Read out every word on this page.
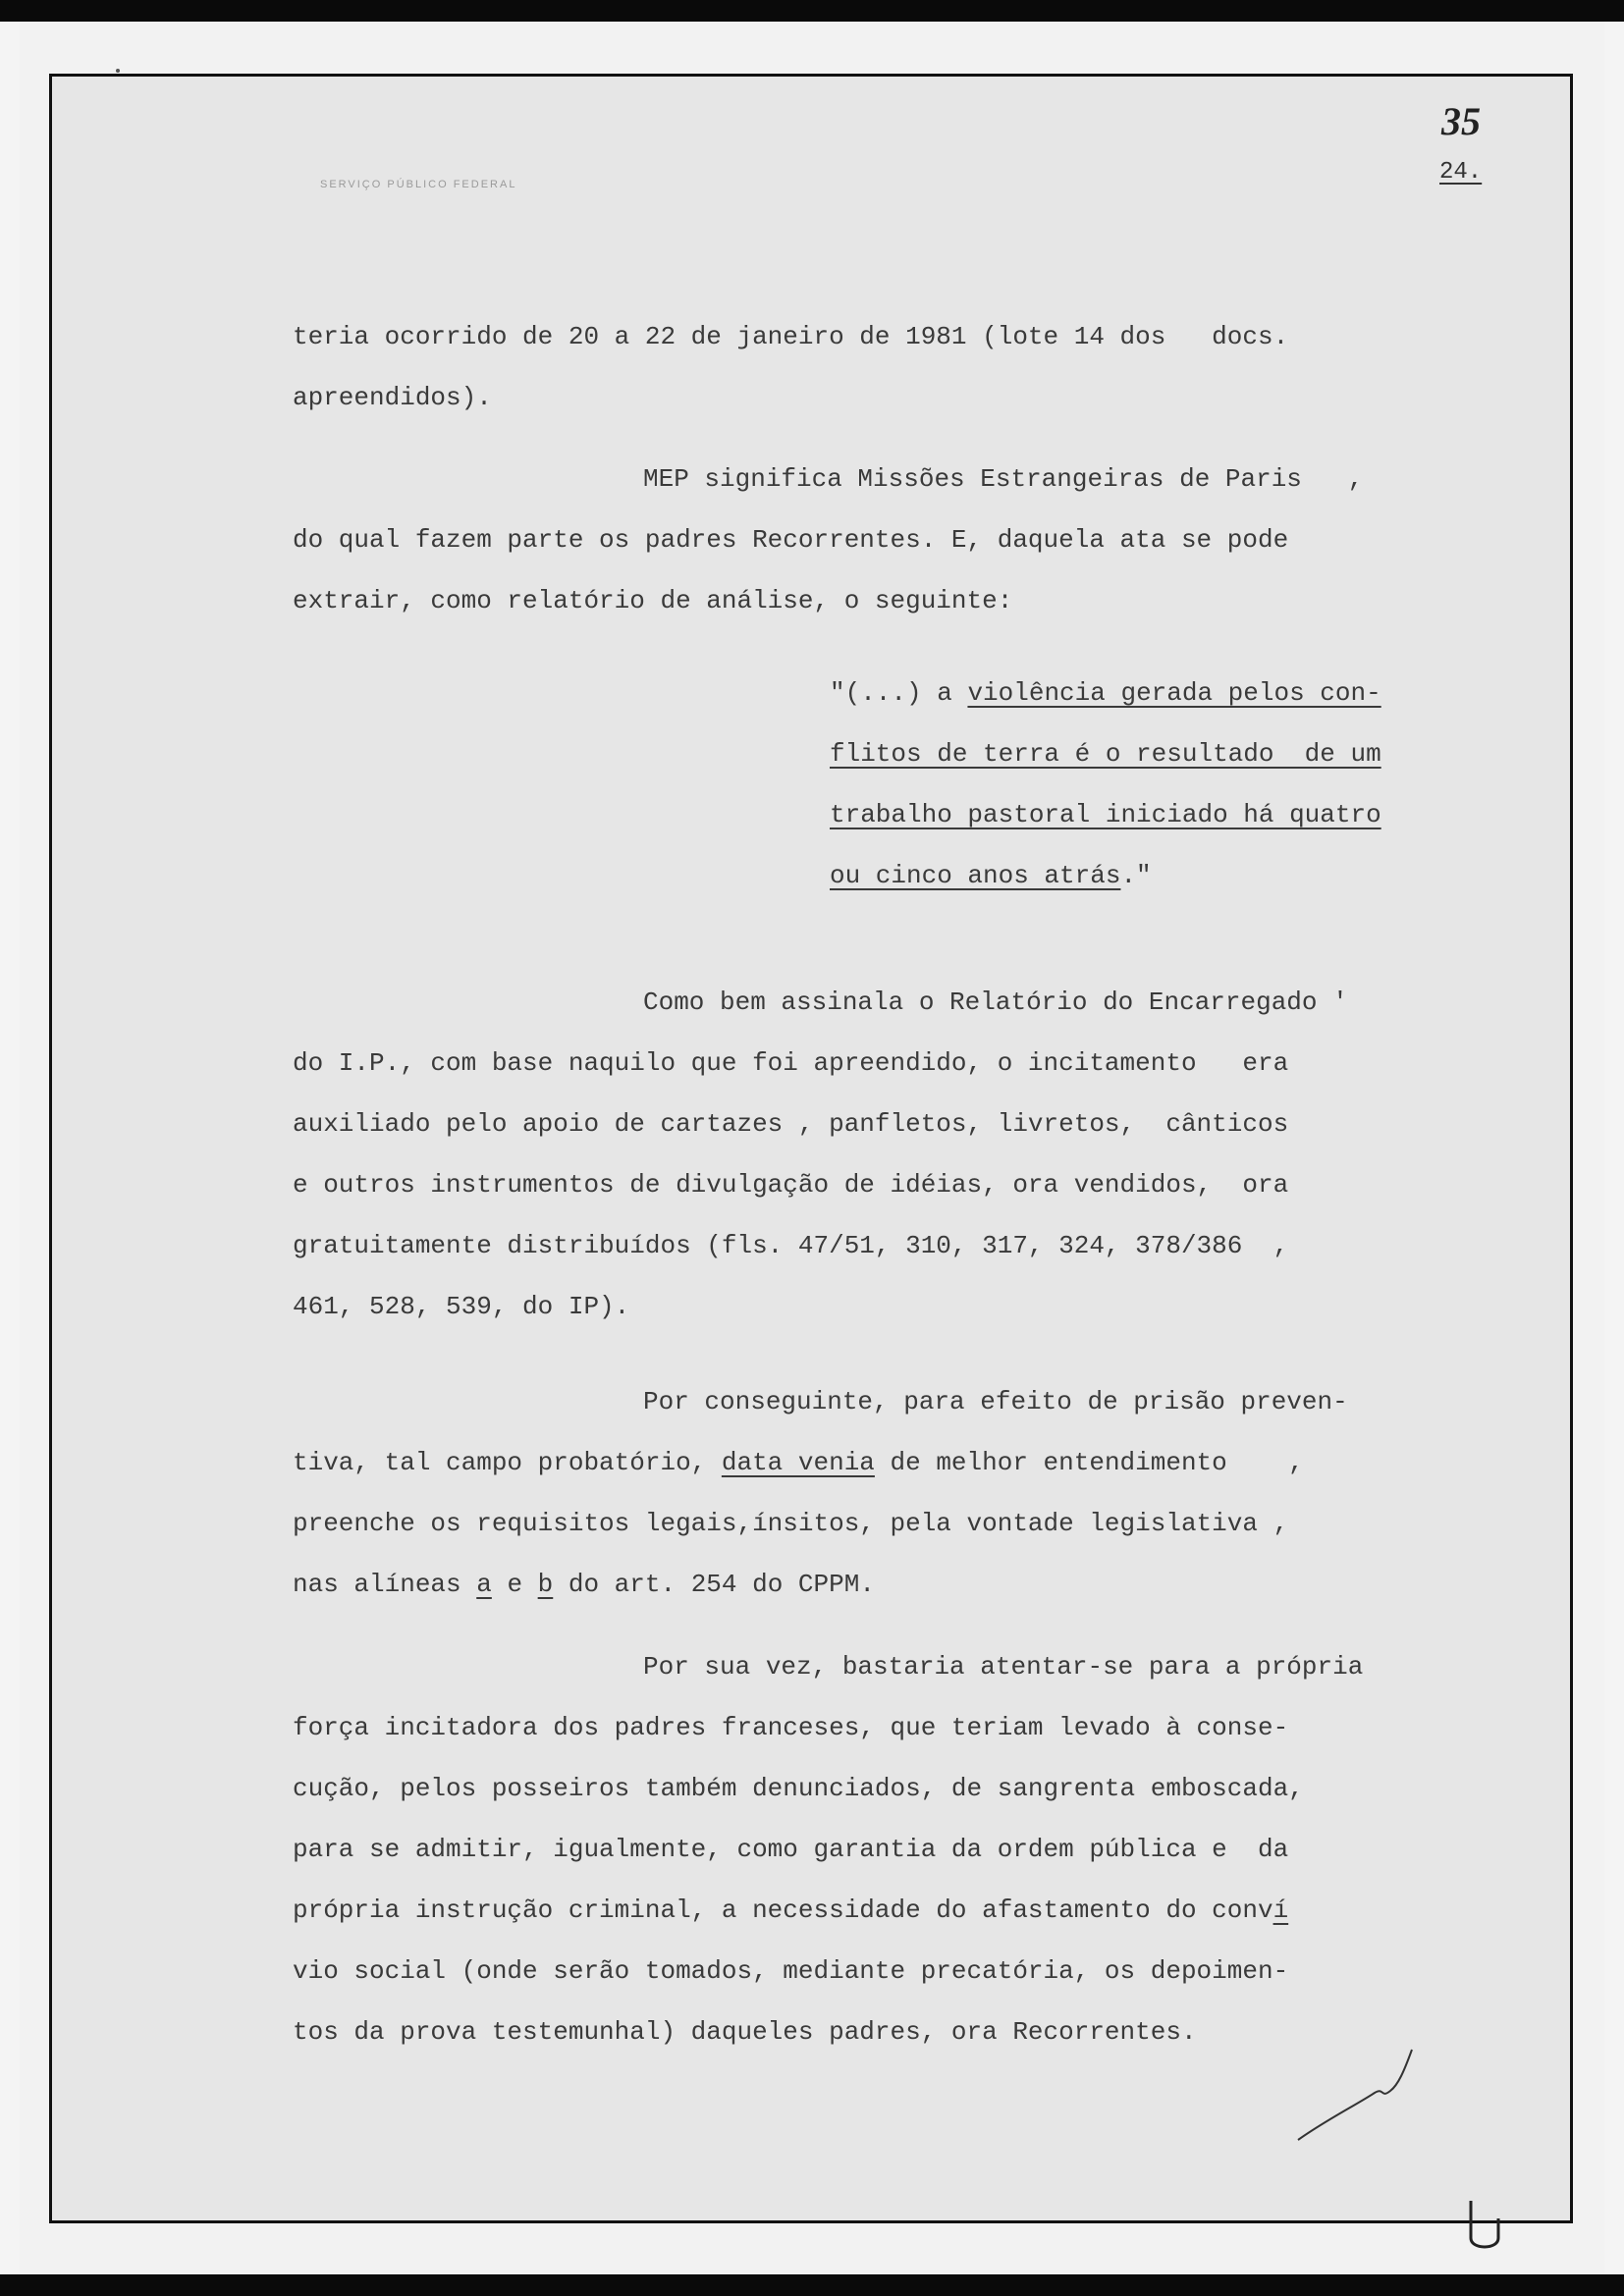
SERVIÇO PÚBLICO FEDERAL
35
24.
teria ocorrido de 20 a 22 de janeiro de 1981 (lote 14 dos   docs.
apreendidos).
MEP significa Missões Estrangeiras de Paris   ,
do qual fazem parte os padres Recorrentes. E, daquela ata se pode
extrair, como relatório de análise, o seguinte:
"(...) a violência gerada pelos con-
flitos de terra é o resultado  de um
trabalho pastoral iniciado há quatro
ou cinco anos atrás."
Como bem assinala o Relatório do Encarregado '
do I.P., com base naquilo que foi apreendido, o incitamento   era
auxiliado pelo apoio de cartazes , panfletos, livretos,  cânticos
e outros instrumentos de divulgação de idéias, ora vendidos,  ora
gratuitamente distribuídos (fls. 47/51, 310, 317, 324, 378/386  ,
461, 528, 539, do IP).
Por conseguinte, para efeito de prisão preven-
tiva, tal campo probatório, data venia de melhor entendimento    ,
preenche os requisitos legais,ínsitos, pela vontade legislativa ,
nas alíneas a e b do art. 254 do CPPM.
Por sua vez, bastaria atentar-se para a própria
força incitadora dos padres franceses, que teriam levado à conse-
cução, pelos posseiros também denunciados, de sangrenta emboscada,
para se admitir, igualmente, como garantia da ordem pública e  da
própria instrução criminal, a necessidade do afastamento do conví
vio social (onde serão tomados, mediante precatória, os depoimen-
tos da prova testemunhal) daqueles padres, ora Recorrentes.
